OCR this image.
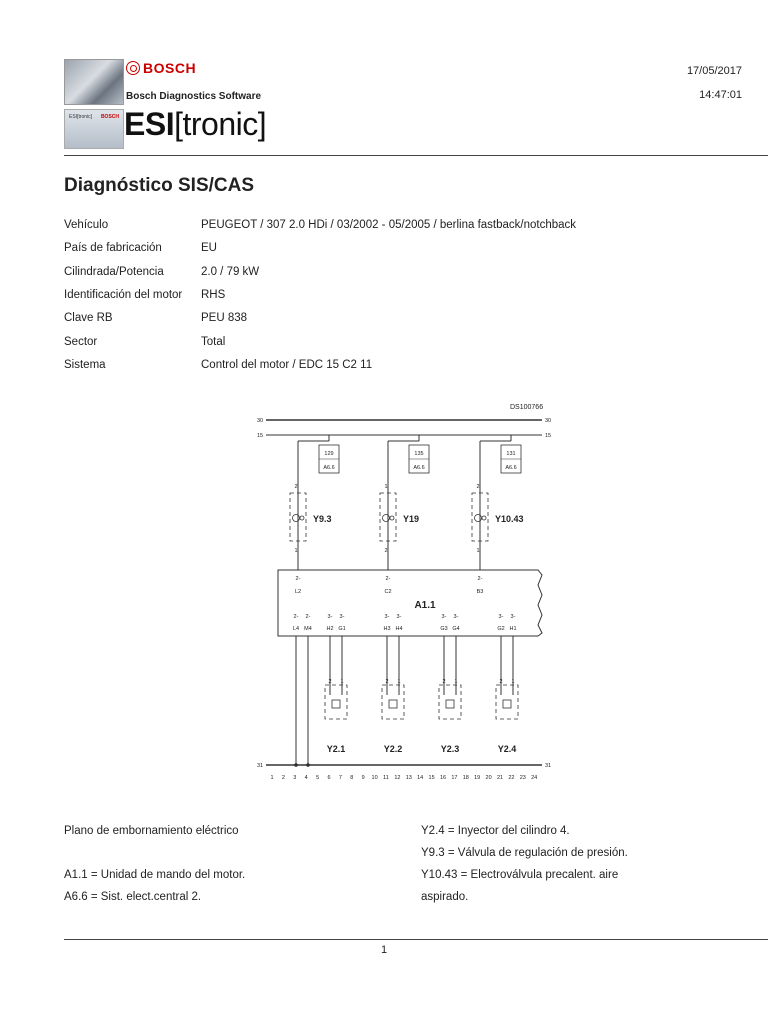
ESI[tronic] BOSCH
BOSCH
Bosch Diagnostics Software
ESI[tronic]
17/05/2017
14:47:01
Diagnóstico SIS/CAS
Vehículo	PEUGEOT / 307 2.0 HDi / 03/2002 - 05/2005 / berlina fastback/notchback
País de fabricación	EU
Cilindrada/Potencia	2.0 / 79 kW
Identificación del motor RHS
Clave RB	PEU 838
Sector	Total
Sistema	Control del motor / EDC 15 C2 11
DS100766
30	30
15	15
129
A6.6
2
1
Y9.3
135
A6.6
1
2
Y19
131
A6.6
2
1
Y10.43
A1.1
2-
L2
2-
C2
2-
B3
2-
L4
2-
M4
3-
H2
3-
G1
3-
H3
3-
H4
3-
G3
3-
G4
3-
G2
3-
H1
2 1
Y2.1
2 1
Y2.2
2 1
Y2.3
2 1
Y2.4
31	31
1 2 3 4 5 6 7 8 9 10 11 12 13 14 15 16 17 18 19 20 21 22 23 24
Plano de embornamiento eléctrico
A1.1 = Unidad de mando del motor.
A6.6 = Sist. elect.central 2.
Y2.4 = Inyector del cilindro 4.
Y9.3 = Válvula de regulación de presión.
Y10.43 = Electroválvula precalent. aire
aspirado.
1
